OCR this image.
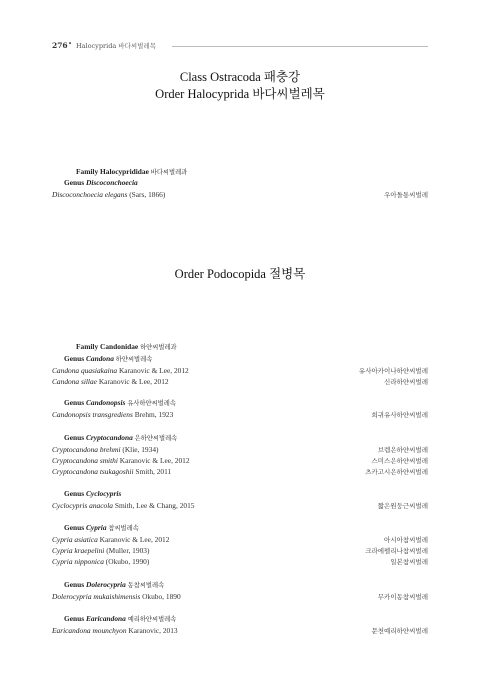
276 • Halocyprida 바다씨벌레목
Class Ostracoda 패충강
Order Halocyprida 바다씨벌레목
Family Halocyprididae 바다씨벌레과
Genus Discoconchoecia
Discoconchoecia elegans (Sars, 1866)	우아돌통씨벌레
Order Podocopida 절병목
Family Candonidae 하얀씨벌레과
Genus Candona 하얀씨벌레속
Candona quasiakaina Karanovic & Lee, 2012	유사아카이나하얀씨벌레
Candona sillae Karanovic & Lee, 2012	신라하얀씨벌레
Genus Candonopsis 유사하얀씨벌레속
Candonopsis transgrediens Brehm, 1923	희귀유사하얀씨벌레
Genus Cryptocandona 은하얀씨벌레속
Cryptocandona brehmi (Klie, 1934)	브렘은하얀씨벌레
Cryptocandona smithi Karanovic & Lee, 2012	스미스은하얀씨벌레
Cryptocandona tsukagoshii Smith, 2011	츠카고시은하얀씨벌레
Genus Cyclocypris
Cyclocypris anacola Smith, Lee & Chang, 2015	짧은원둥근씨벌레
Genus Cypria 참씨벌레속
Cypria asiatica Karanovic & Lee, 2012	아시아참씨벌레
Cypria kraepelini (Muller, 1903)	크라에펠리나참씨벌레
Cypria nipponica (Okubo, 1990)	일본참씨벌레
Genus Dolerocypria 동참씨벌레속
Dolerocypria mukaishimensis Okubo, 1890	무카이동참씨벌레
Genus Earicandona 예리하얀씨벌레속
Earicandona mounchyon Karanovic, 2013	문천예리하얀씨벌레
